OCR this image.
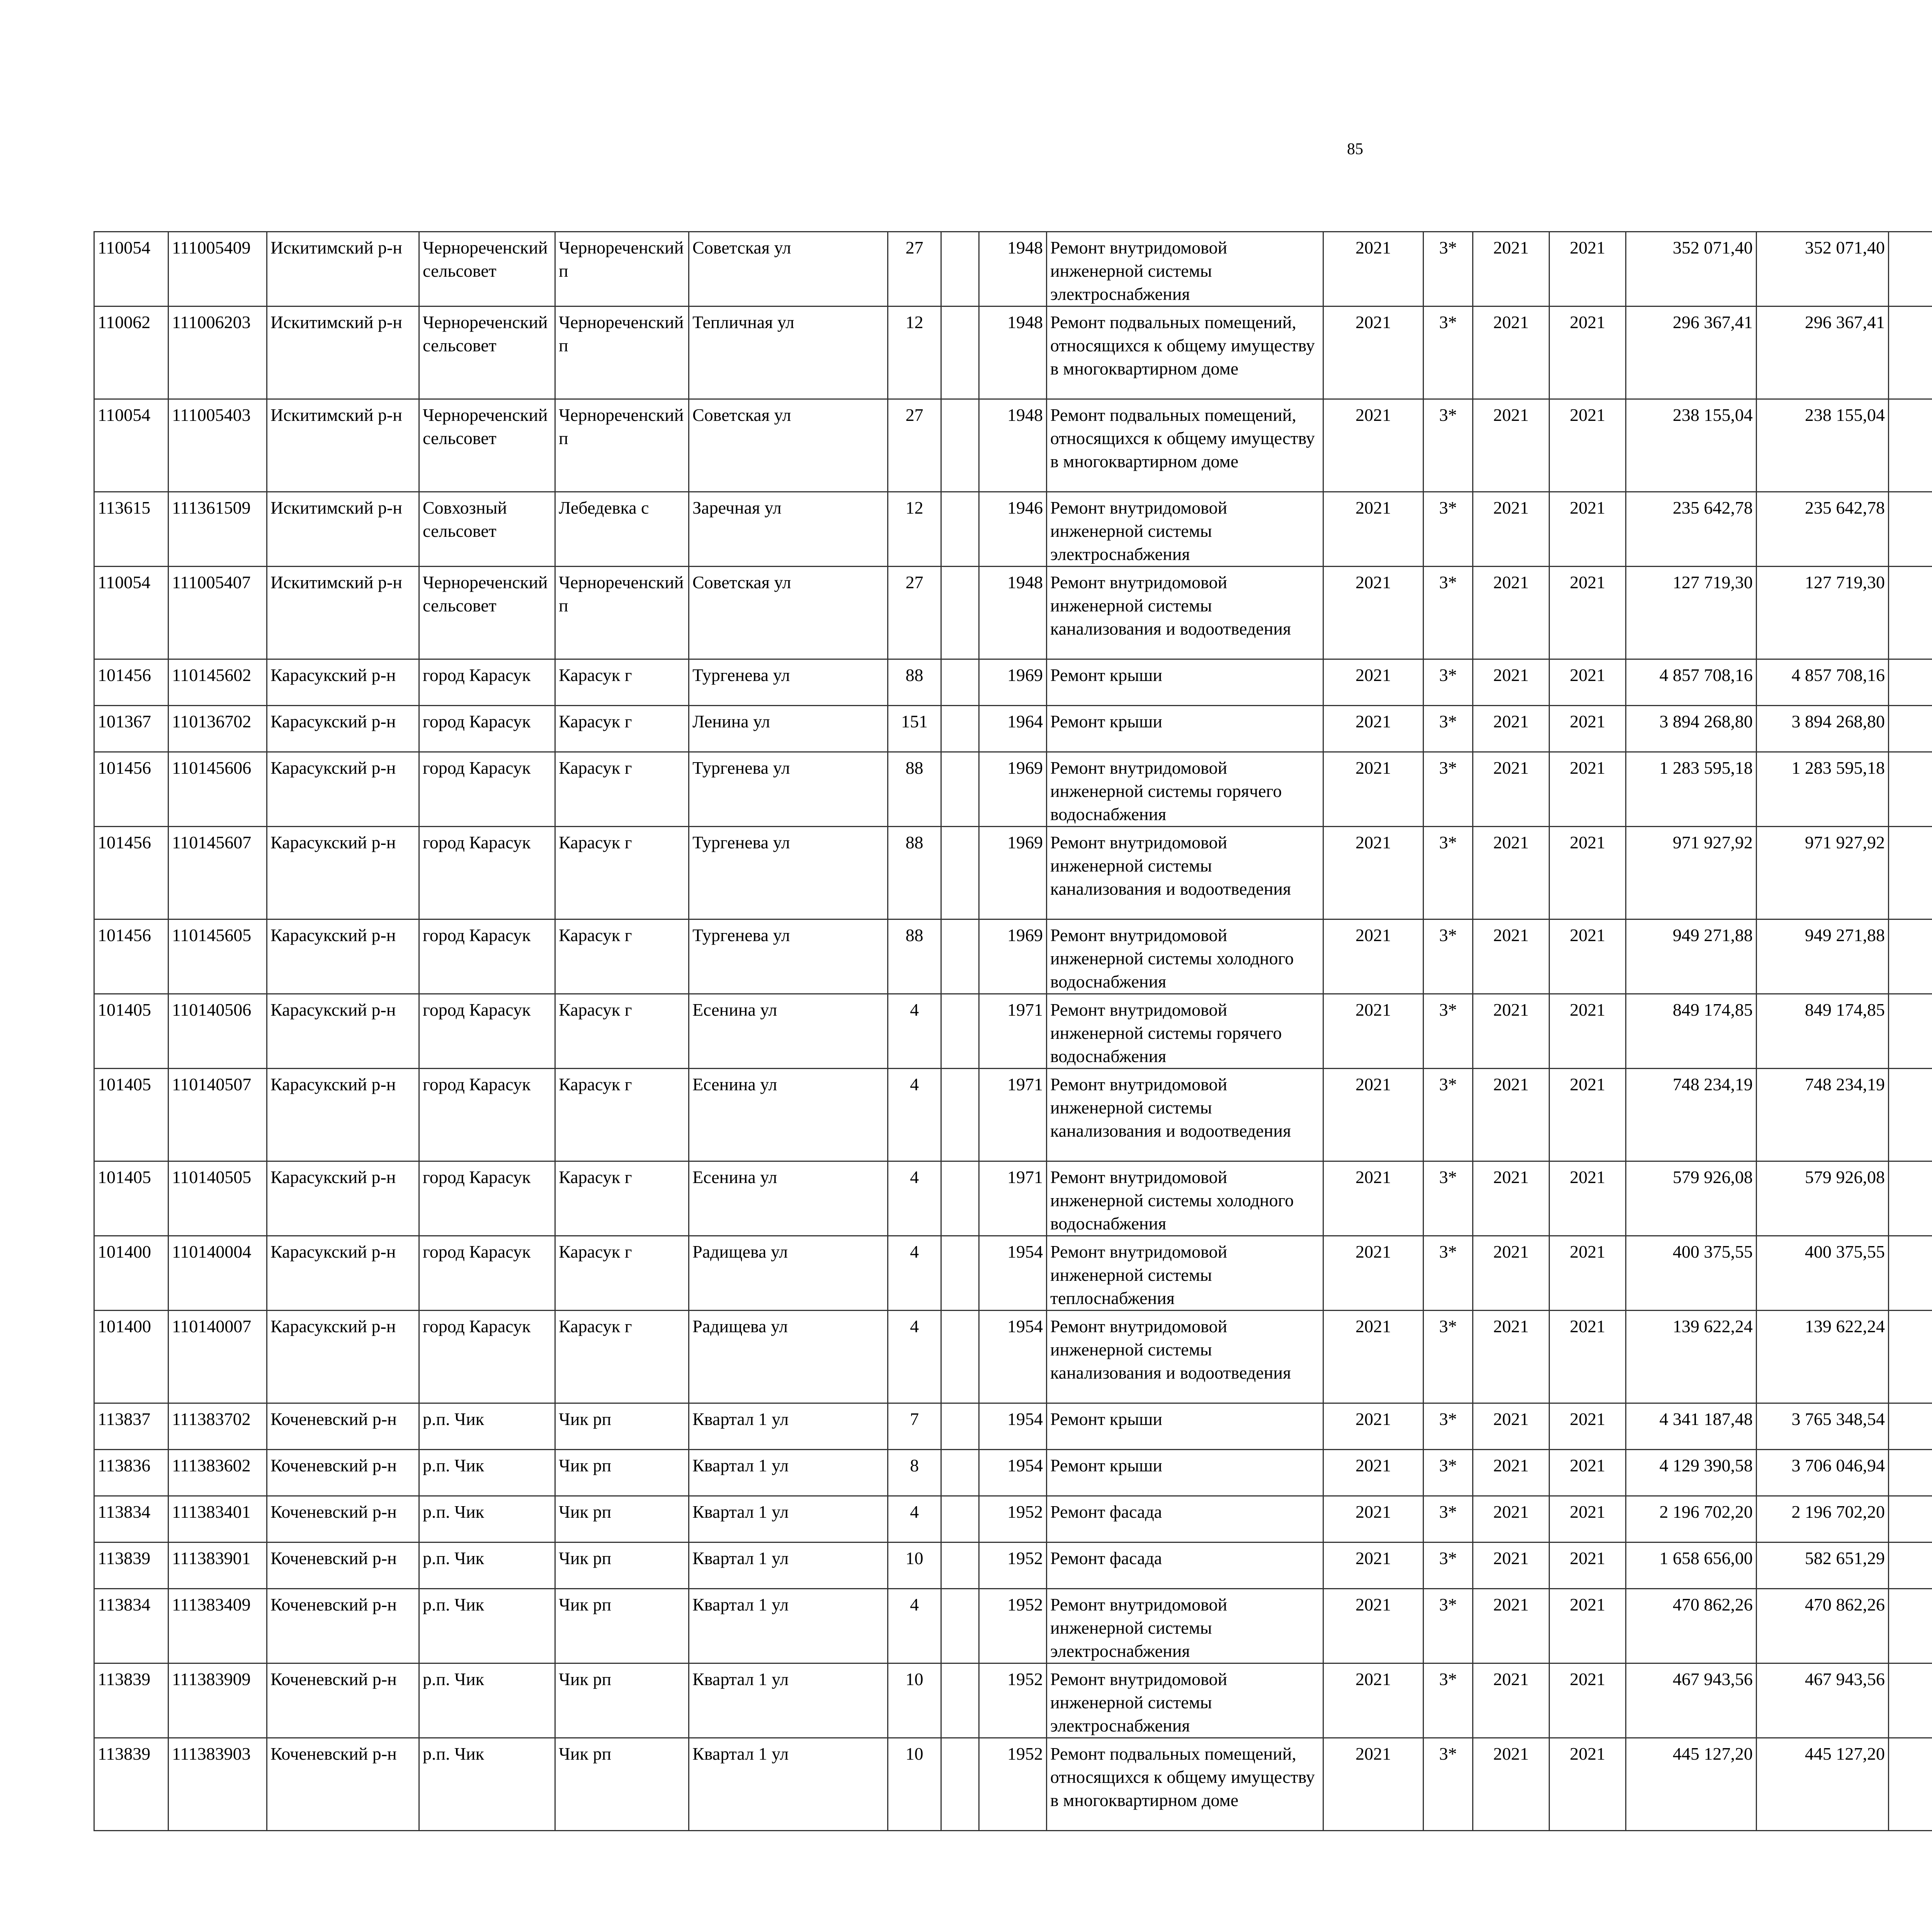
85
110054	111005409	Искитимский р-н	Чернореченский сельсовет	Чернореченский п	Советская ул	27		1948	Ремонт внутридомовой инженерной системы электроснабжения	2021	3*	2021	2021	352 071,40	352 071,40						
110062	111006203	Искитимский р-н	Чернореченский сельсовет	Чернореченский п	Тепличная ул	12		1948	Ремонт подвальных помещений, относящихся к общему имуществу в многоквартирном доме	2021	3*	2021	2021	296 367,41	296 367,41						
110054	111005403	Искитимский р-н	Чернореченский сельсовет	Чернореченский п	Советская ул	27		1948	Ремонт подвальных помещений, относящихся к общему имуществу в многоквартирном доме	2021	3*	2021	2021	238 155,04	238 155,04						
113615	111361509	Искитимский р-н	Совхозный сельсовет	Лебедевка с	Заречная ул	12		1946	Ремонт внутридомовой инженерной системы электроснабжения	2021	3*	2021	2021	235 642,78	235 642,78						
110054	111005407	Искитимский р-н	Чернореченский сельсовет	Чернореченский п	Советская ул	27		1948	Ремонт внутридомовой инженерной системы канализования и водоотведения	2021	3*	2021	2021	127 719,30	127 719,30						
101456	110145602	Карасукский р-н	город Карасук	Карасук г	Тургенева ул	88		1969	Ремонт крыши	2021	3*	2021	2021	4 857 708,16	4 857 708,16						
101367	110136702	Карасукский р-н	город Карасук	Карасук г	Ленина ул	151		1964	Ремонт крыши	2021	3*	2021	2021	3 894 268,80	3 894 268,80						
101456	110145606	Карасукский р-н	город Карасук	Карасук г	Тургенева ул	88		1969	Ремонт внутридомовой инженерной системы горячего водоснабжения	2021	3*	2021	2021	1 283 595,18	1 283 595,18						
101456	110145607	Карасукский р-н	город Карасук	Карасук г	Тургенева ул	88		1969	Ремонт внутридомовой инженерной системы канализования и водоотведения	2021	3*	2021	2021	971 927,92	971 927,92						
101456	110145605	Карасукский р-н	город Карасук	Карасук г	Тургенева ул	88		1969	Ремонт внутридомовой инженерной системы холодного водоснабжения	2021	3*	2021	2021	949 271,88	949 271,88						
101405	110140506	Карасукский р-н	город Карасук	Карасук г	Есенина ул	4		1971	Ремонт внутридомовой инженерной системы горячего водоснабжения	2021	3*	2021	2021	849 174,85	849 174,85						
101405	110140507	Карасукский р-н	город Карасук	Карасук г	Есенина ул	4		1971	Ремонт внутридомовой инженерной системы канализования и водоотведения	2021	3*	2021	2021	748 234,19	748 234,19						
101405	110140505	Карасукский р-н	город Карасук	Карасук г	Есенина ул	4		1971	Ремонт внутридомовой инженерной системы холодного водоснабжения	2021	3*	2021	2021	579 926,08	579 926,08						
101400	110140004	Карасукский р-н	город Карасук	Карасук г	Радищева ул	4		1954	Ремонт внутридомовой инженерной системы теплоснабжения	2021	3*	2021	2021	400 375,55	400 375,55						
101400	110140007	Карасукский р-н	город Карасук	Карасук г	Радищева ул	4		1954	Ремонт внутридомовой инженерной системы канализования и водоотведения	2021	3*	2021	2021	139 622,24	139 622,24						
113837	111383702	Коченевский р-н	р.п. Чик	Чик рп	Квартал 1 ул	7		1954	Ремонт крыши	2021	3*	2021	2021	4 341 187,48	3 765 348,54						
113836	111383602	Коченевский р-н	р.п. Чик	Чик рп	Квартал 1 ул	8		1954	Ремонт крыши	2021	3*	2021	2021	4 129 390,58	3 706 046,94						
113834	111383401	Коченевский р-н	р.п. Чик	Чик рп	Квартал 1 ул	4		1952	Ремонт фасада	2021	3*	2021	2021	2 196 702,20	2 196 702,20						
113839	111383901	Коченевский р-н	р.п. Чик	Чик рп	Квартал 1 ул	10		1952	Ремонт фасада	2021	3*	2021	2021	1 658 656,00	582 651,29						
113834	111383409	Коченевский р-н	р.п. Чик	Чик рп	Квартал 1 ул	4		1952	Ремонт внутридомовой инженерной системы электроснабжения	2021	3*	2021	2021	470 862,26	470 862,26						
113839	111383909	Коченевский р-н	р.п. Чик	Чик рп	Квартал 1 ул	10		1952	Ремонт внутридомовой инженерной системы электроснабжения	2021	3*	2021	2021	467 943,56	467 943,56						
113839	111383903	Коченевский р-н	р.п. Чик	Чик рп	Квартал 1 ул	10		1952	Ремонт подвальных помещений, относящихся к общему имуществу в многоквартирном доме	2021	3*	2021	2021	445 127,20	445 127,20						
